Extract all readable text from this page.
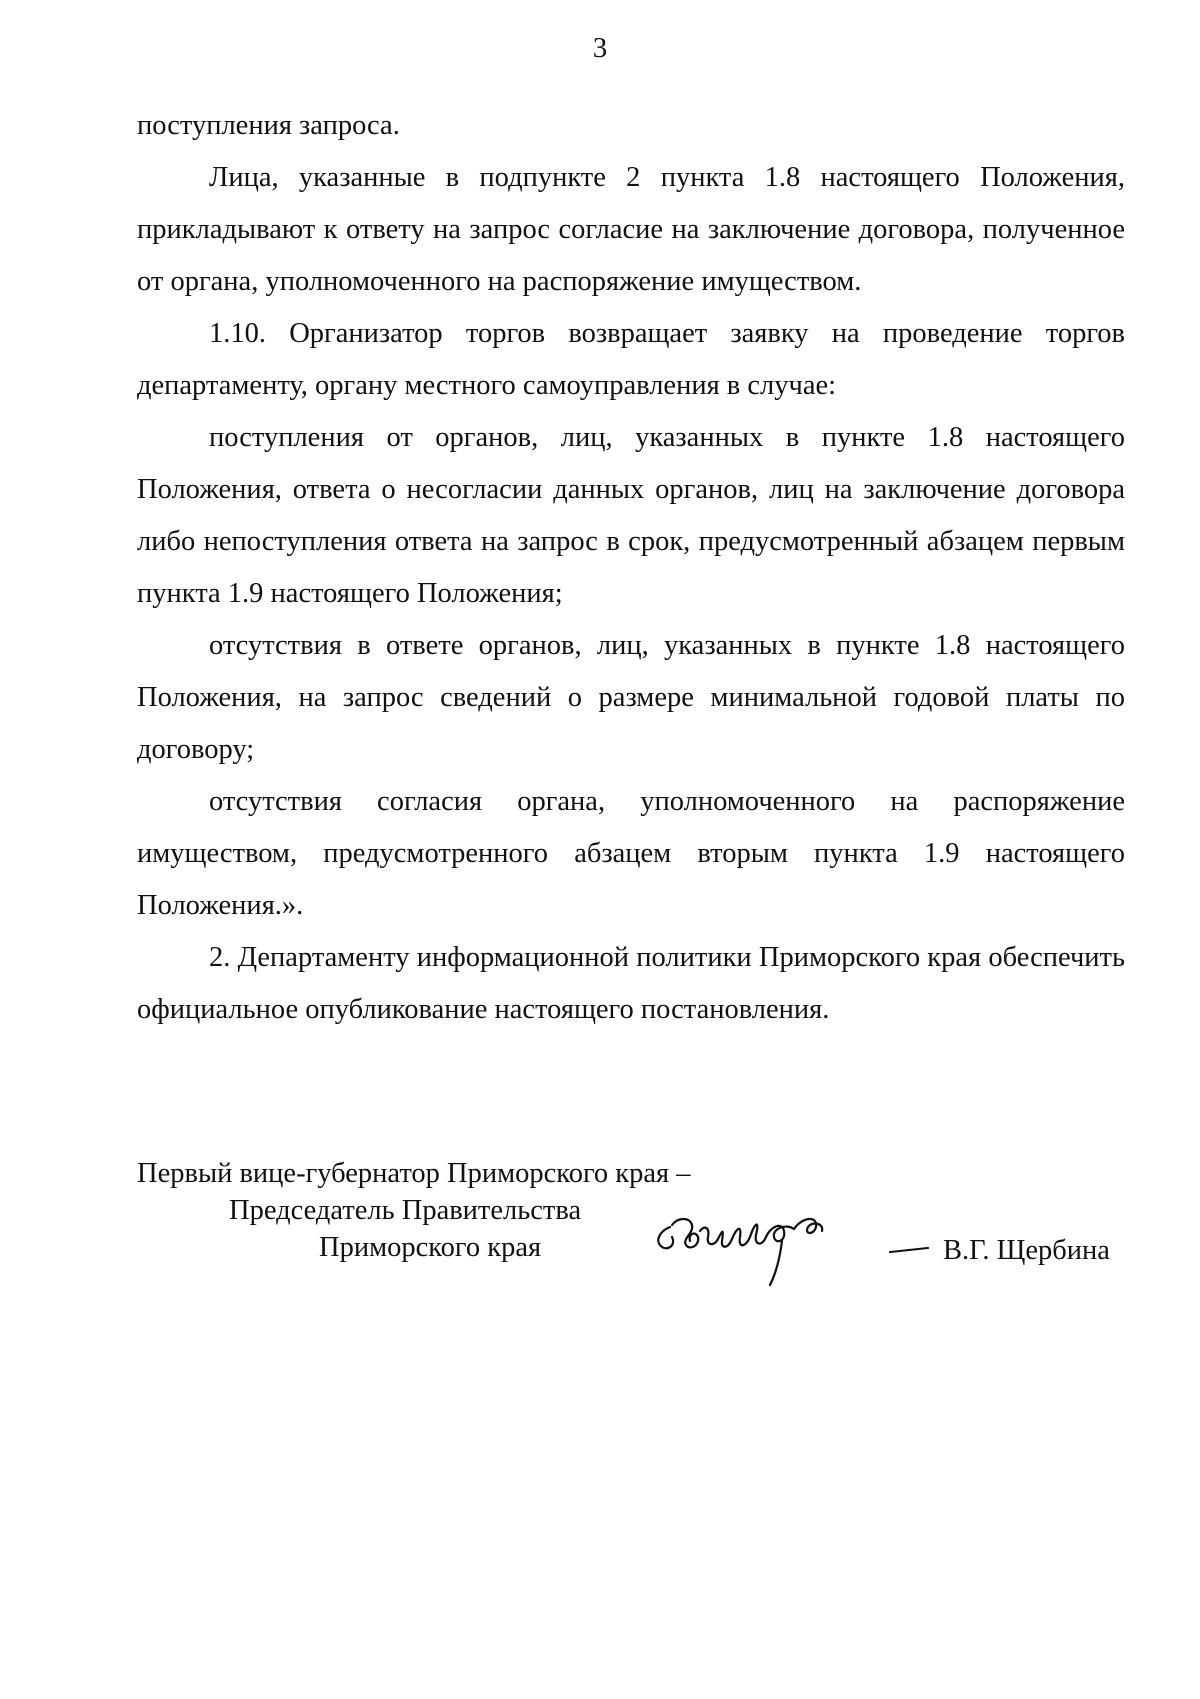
3

поступления запроса.

Лица, указанные в подпункте 2 пункта 1.8 настоящего Положения, прикладывают к ответу на запрос согласие на заключение договора, полученное от органа, уполномоченного на распоряжение имуществом.

1.10. Организатор торгов возвращает заявку на проведение торгов департаменту, органу местного самоуправления в случае:

поступления от органов, лиц, указанных в пункте 1.8 настоящего Положения, ответа о несогласии данных органов, лиц на заключение договора либо непоступления ответа на запрос в срок, предусмотренный абзацем первым пункта 1.9 настоящего Положения;

отсутствия в ответе органов, лиц, указанных в пункте 1.8 настоящего Положения, на запрос сведений о размере минимальной годовой платы по договору;

отсутствия согласия органа, уполномоченного на распоряжение имуществом, предусмотренного абзацем вторым пункта 1.9 настоящего Положения.».

2. Департаменту информационной политики Приморского края обеспечить официальное опубликование настоящего постановления.

Первый вице-губернатор Приморского края –
Председатель Правительства
Приморского края	В.Г. Щербина
